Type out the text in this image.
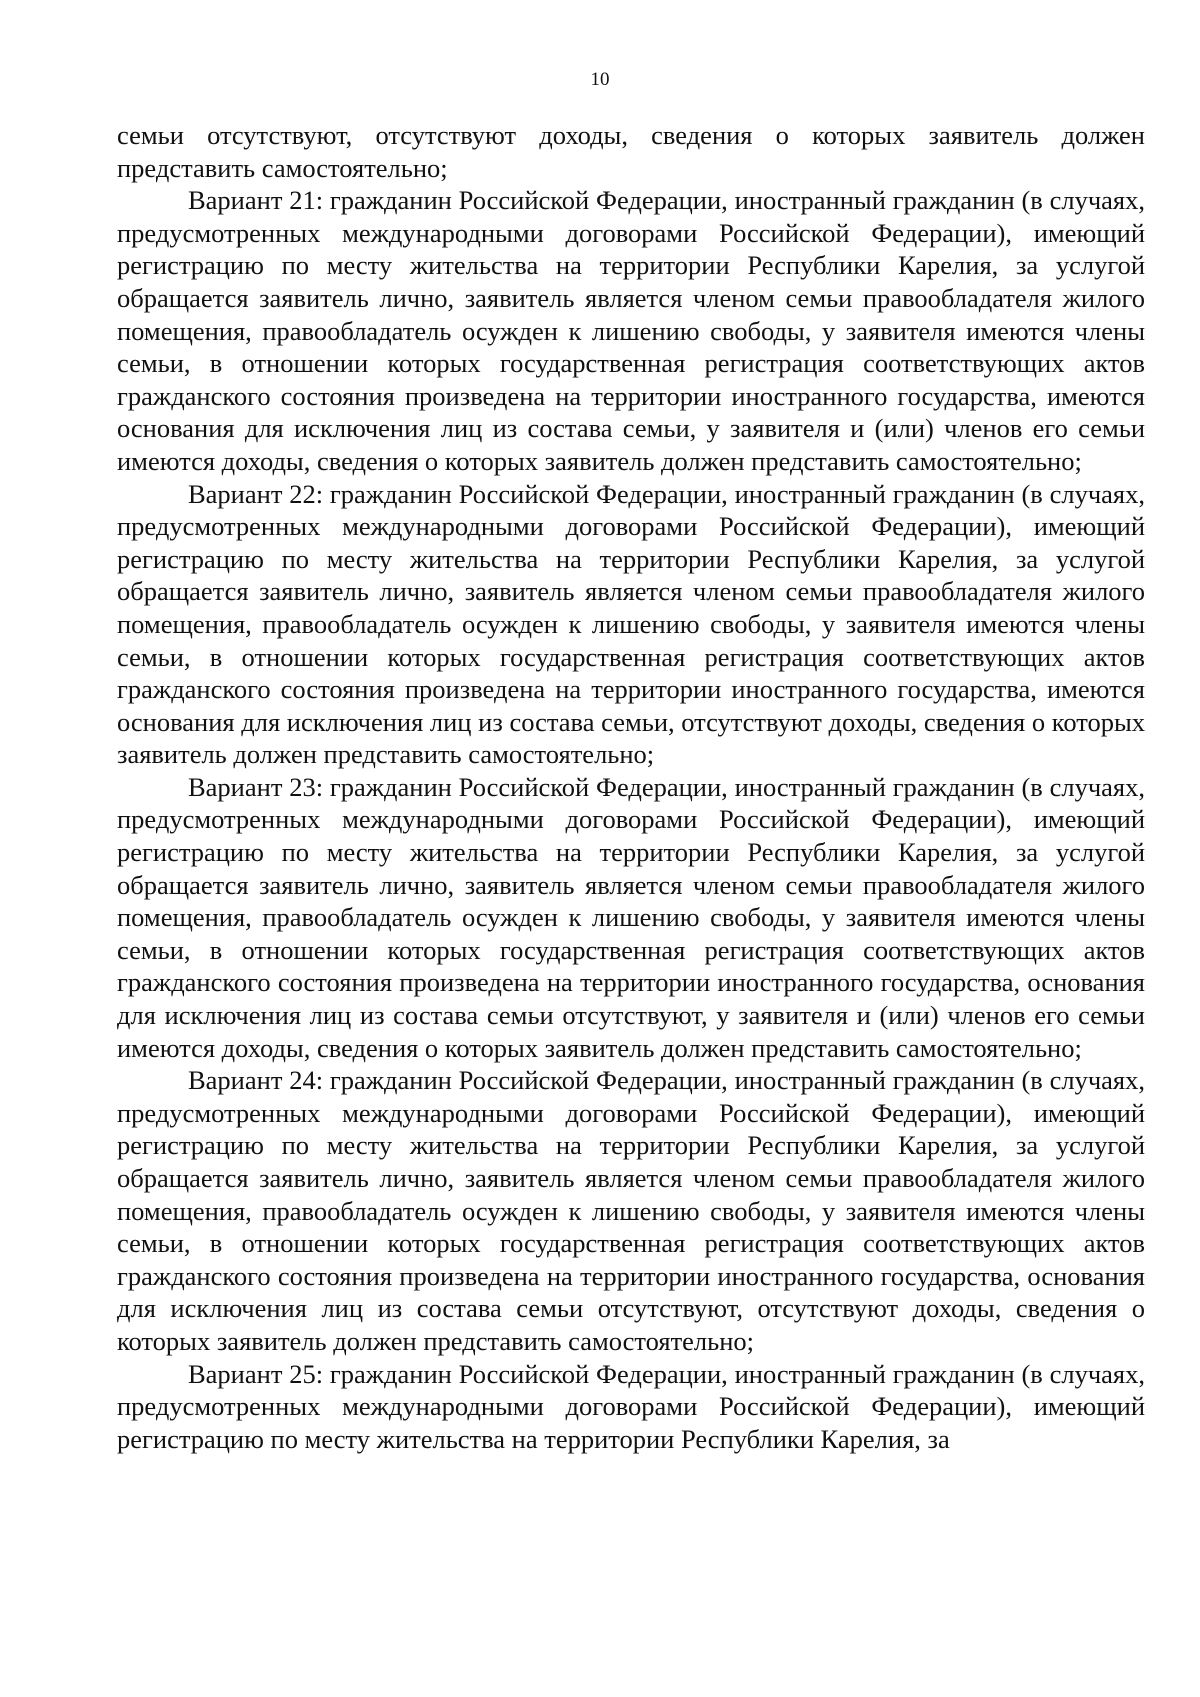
10

семьи отсутствуют, отсутствуют доходы, сведения о которых заявитель должен представить самостоятельно;

Вариант 21: гражданин Российской Федерации, иностранный гражданин (в случаях, предусмотренных международными договорами Российской Федерации), имеющий регистрацию по месту жительства на территории Республики Карелия, за услугой обращается заявитель лично, заявитель является членом семьи правообладателя жилого помещения, правообладатель осужден к лишению свободы, у заявителя имеются члены семьи, в отношении которых государственная регистрация соответствующих актов гражданского состояния произведена на территории иностранного государства, имеются основания для исключения лиц из состава семьи, у заявителя и (или) членов его семьи имеются доходы, сведения о которых заявитель должен представить самостоятельно;

Вариант 22: гражданин Российской Федерации, иностранный гражданин (в случаях, предусмотренных международными договорами Российской Федерации), имеющий регистрацию по месту жительства на территории Республики Карелия, за услугой обращается заявитель лично, заявитель является членом семьи правообладателя жилого помещения, правообладатель осужден к лишению свободы, у заявителя имеются члены семьи, в отношении которых государственная регистрация соответствующих актов гражданского состояния произведена на территории иностранного государства, имеются основания для исключения лиц из состава семьи, отсутствуют доходы, сведения о которых заявитель должен представить самостоятельно;

Вариант 23: гражданин Российской Федерации, иностранный гражданин (в случаях, предусмотренных международными договорами Российской Федерации), имеющий регистрацию по месту жительства на территории Республики Карелия, за услугой обращается заявитель лично, заявитель является членом семьи правообладателя жилого помещения, правообладатель осужден к лишению свободы, у заявителя имеются члены семьи, в отношении которых государственная регистрация соответствующих актов гражданского состояния произведена на территории иностранного государства, основания для исключения лиц из состава семьи отсутствуют, у заявителя и (или) членов его семьи имеются доходы, сведения о которых заявитель должен представить самостоятельно;

Вариант 24: гражданин Российской Федерации, иностранный гражданин (в случаях, предусмотренных международными договорами Российской Федерации), имеющий регистрацию по месту жительства на территории Республики Карелия, за услугой обращается заявитель лично, заявитель является членом семьи правообладателя жилого помещения, правообладатель осужден к лишению свободы, у заявителя имеются члены семьи, в отношении которых государственная регистрация соответствующих актов гражданского состояния произведена на территории иностранного государства, основания для исключения лиц из состава семьи отсутствуют, отсутствуют доходы, сведения о которых заявитель должен представить самостоятельно;

Вариант 25: гражданин Российской Федерации, иностранный гражданин (в случаях, предусмотренных международными договорами Российской Федерации), имеющий регистрацию по месту жительства на территории Республики Карелия, за
